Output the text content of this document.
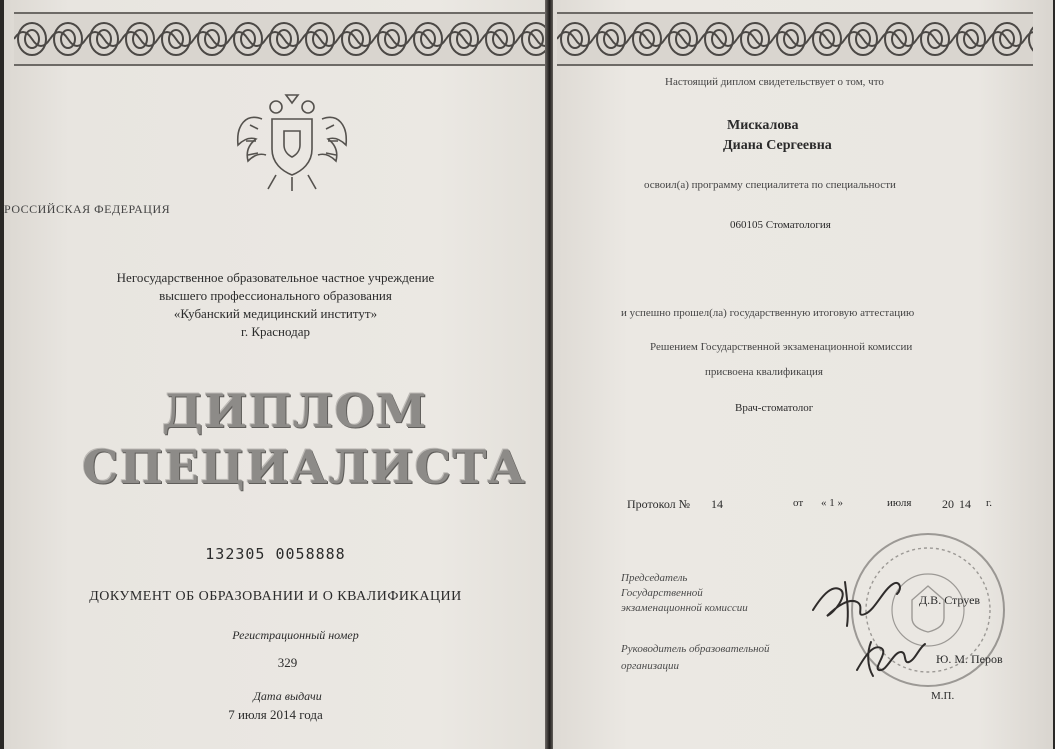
РОССИЙСКАЯ ФЕДЕРАЦИЯ

Негосударственное образовательное частное учреждение

высшего профессионального образования

«Кубанский медицинский институт»

г. Краснодар

ДИПЛОМ

СПЕЦИАЛИСТА

132305 0058888

ДОКУМЕНТ ОБ ОБРАЗОВАНИИ И О КВАЛИФИКАЦИИ

Регистрационный номер

329

Дата выдачи

7 июля 2014 года

Настоящий диплом свидетельствует о том, что

Мискалова

Диана Сергеевна

освоил(а) программу специалитета по специальности

060105 Стоматология

и успешно прошел(ла) государственную итоговую аттестацию

Решением Государственной экзаменационной комиссии

присвоена квалификация

Врач-стоматолог

Протокол № 14	от « 1 »	июля	20 14 г.

Председатель

Государственной

экзаменационной комиссии

Д.В. Струев

Руководитель образовательной

организации	Ю. М. Перов

М.П.
